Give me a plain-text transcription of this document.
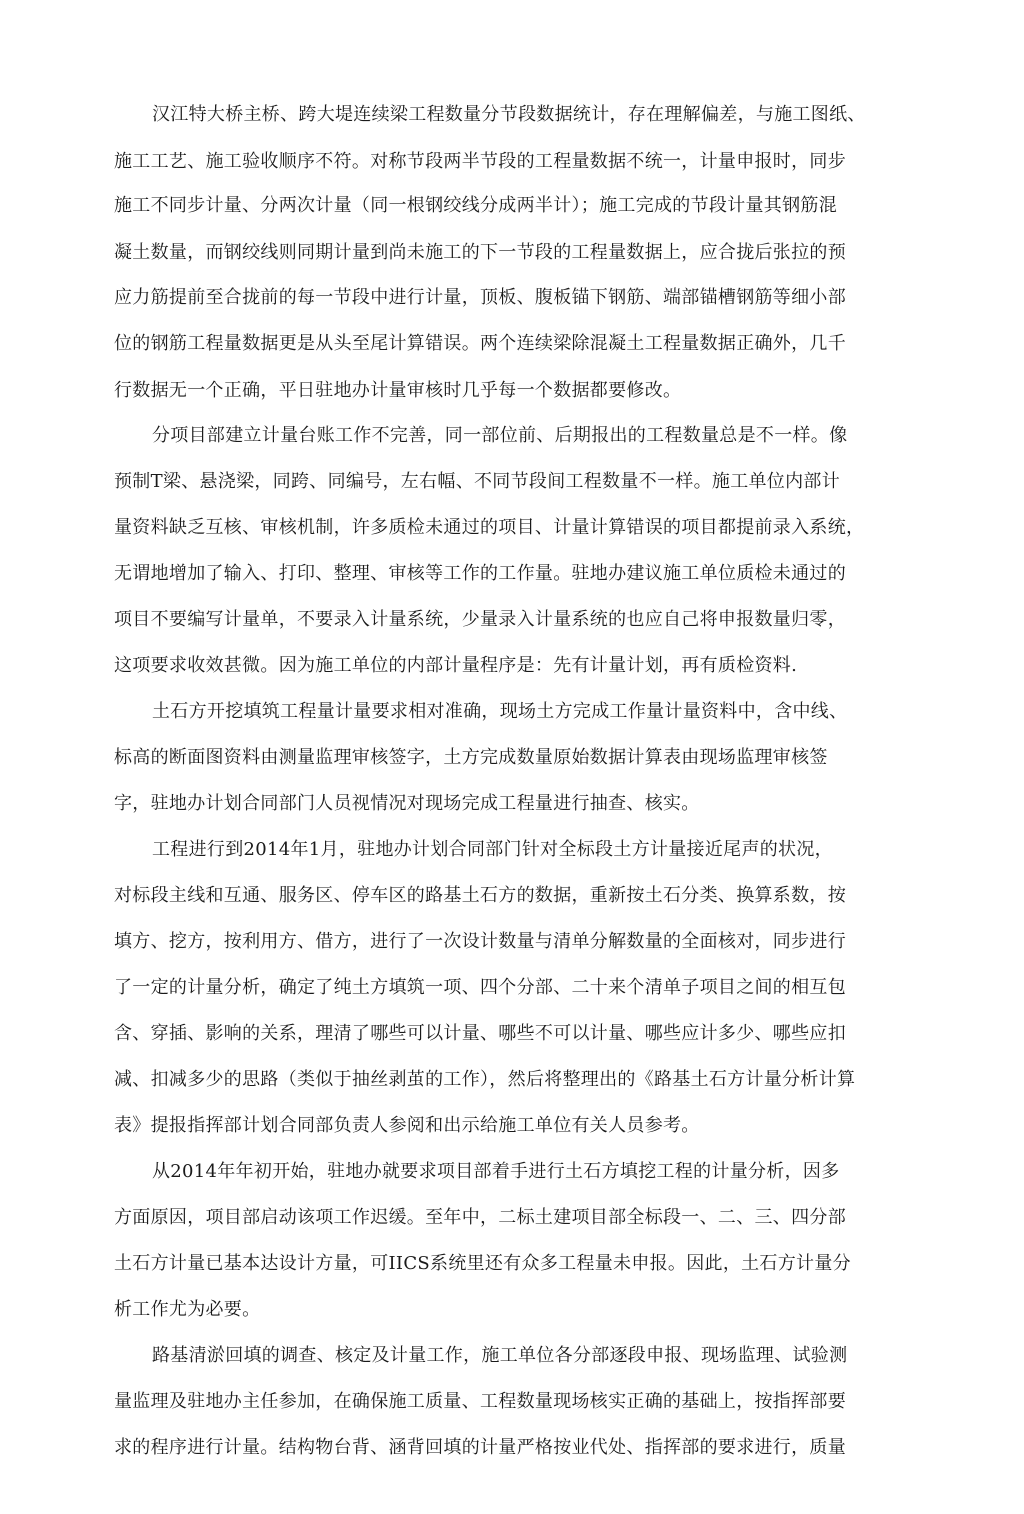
汉江特大桥主桥、跨大堤连续梁工程数量分节段数据统计，存在理解偏差，与施工图纸、
施工工艺、施工验收顺序不符。对称节段两半节段的工程量数据不统一，计量申报时，同步
施工不同步计量、分两次计量（同一根钢绞线分成两半计）；施工完成的节段计量其钢筋混
凝土数量，而钢绞线则同期计量到尚未施工的下一节段的工程量数据上，应合拢后张拉的预
应力筋提前至合拢前的每一节段中进行计量，顶板、腹板锚下钢筋、端部锚槽钢筋等细小部
位的钢筋工程量数据更是从头至尾计算错误。两个连续梁除混凝土工程量数据正确外，几千
行数据无一个正确，平日驻地办计量审核时几乎每一个数据都要修改。
分项目部建立计量台账工作不完善，同一部位前、后期报出的工程数量总是不一样。像
预制T梁、悬浇梁，同跨、同编号，左右幅、不同节段间工程数量不一样。施工单位内部计
量资料缺乏互核、审核机制，许多质检未通过的项目、计量计算错误的项目都提前录入系统，
无谓地增加了输入、打印、整理、审核等工作的工作量。驻地办建议施工单位质检未通过的
项目不要编写计量单，不要录入计量系统，少量录入计量系统的也应自己将申报数量归零，
这项要求收效甚微。因为施工单位的内部计量程序是：先有计量计划，再有质检资料.
土石方开挖填筑工程量计量要求相对准确，现场土方完成工作量计量资料中，含中线、
标高的断面图资料由测量监理审核签字，土方完成数量原始数据计算表由现场监理审核签
字，驻地办计划合同部门人员视情况对现场完成工程量进行抽查、核实。
工程进行到2014年1月，驻地办计划合同部门针对全标段土方计量接近尾声的状况，
对标段主线和互通、服务区、停车区的路基土石方的数据，重新按土石分类、换算系数，按
填方、挖方，按利用方、借方，进行了一次设计数量与清单分解数量的全面核对，同步进行
了一定的计量分析，确定了纯土方填筑一项、四个分部、二十来个清单子项目之间的相互包
含、穿插、影响的关系，理清了哪些可以计量、哪些不可以计量、哪些应计多少、哪些应扣
减、扣减多少的思路（类似于抽丝剥茧的工作），然后将整理出的《路基土石方计量分析计算
表》提报指挥部计划合同部负责人参阅和出示给施工单位有关人员参考。
从2014年年初开始，驻地办就要求项目部着手进行土石方填挖工程的计量分析，因多
方面原因，项目部启动该项工作迟缓。至年中，二标土建项目部全标段一、二、三、四分部
土石方计量已基本达设计方量，可IICS系统里还有众多工程量未申报。因此，土石方计量分
析工作尤为必要。
路基清淤回填的调查、核定及计量工作，施工单位各分部逐段申报、现场监理、试验测
量监理及驻地办主任参加，在确保施工质量、工程数量现场核实正确的基础上，按指挥部要
求的程序进行计量。结构物台背、涵背回填的计量严格按业代处、指挥部的要求进行，质量
